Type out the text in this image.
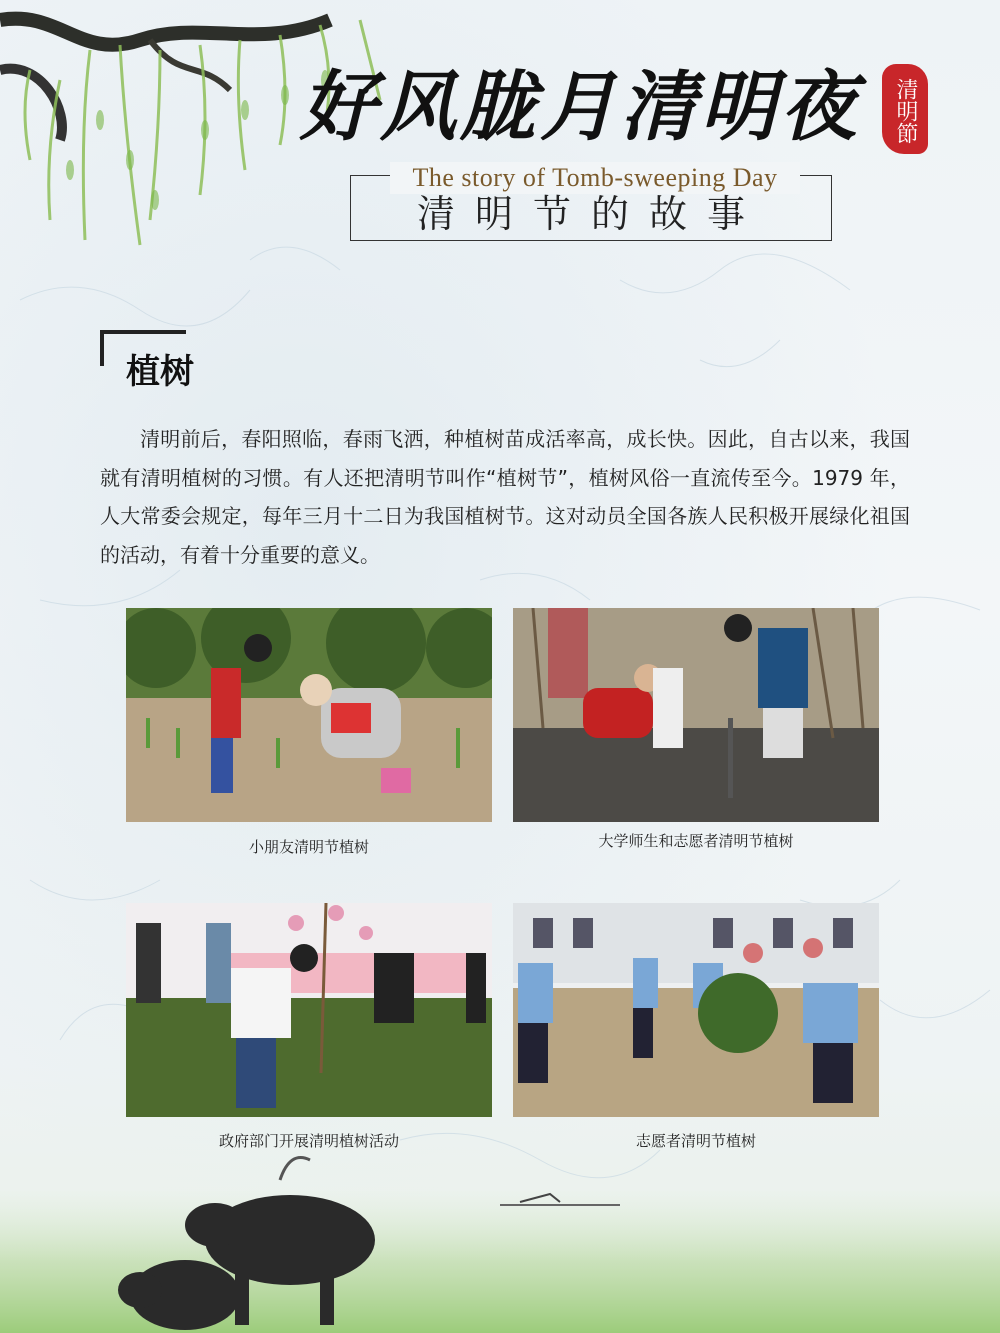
好风胧月清明夜	清明節
The story of Tomb-sweeping Day
清明节的故事
植树
清明前后，春阳照临，春雨飞洒，种植树苗成活率高，成长快。因此，自古以来，我国就有清明植树的习惯。有人还把清明节叫作“植树节”，植树风俗一直流传至今。1979 年，人大常委会规定，每年三月十二日为我国植树节。这对动员全国各族人民积极开展绿化祖国的活动，有着十分重要的意义。
小朋友清明节植树	大学师生和志愿者清明节植树
政府部门开展清明植树活动	志愿者清明节植树
